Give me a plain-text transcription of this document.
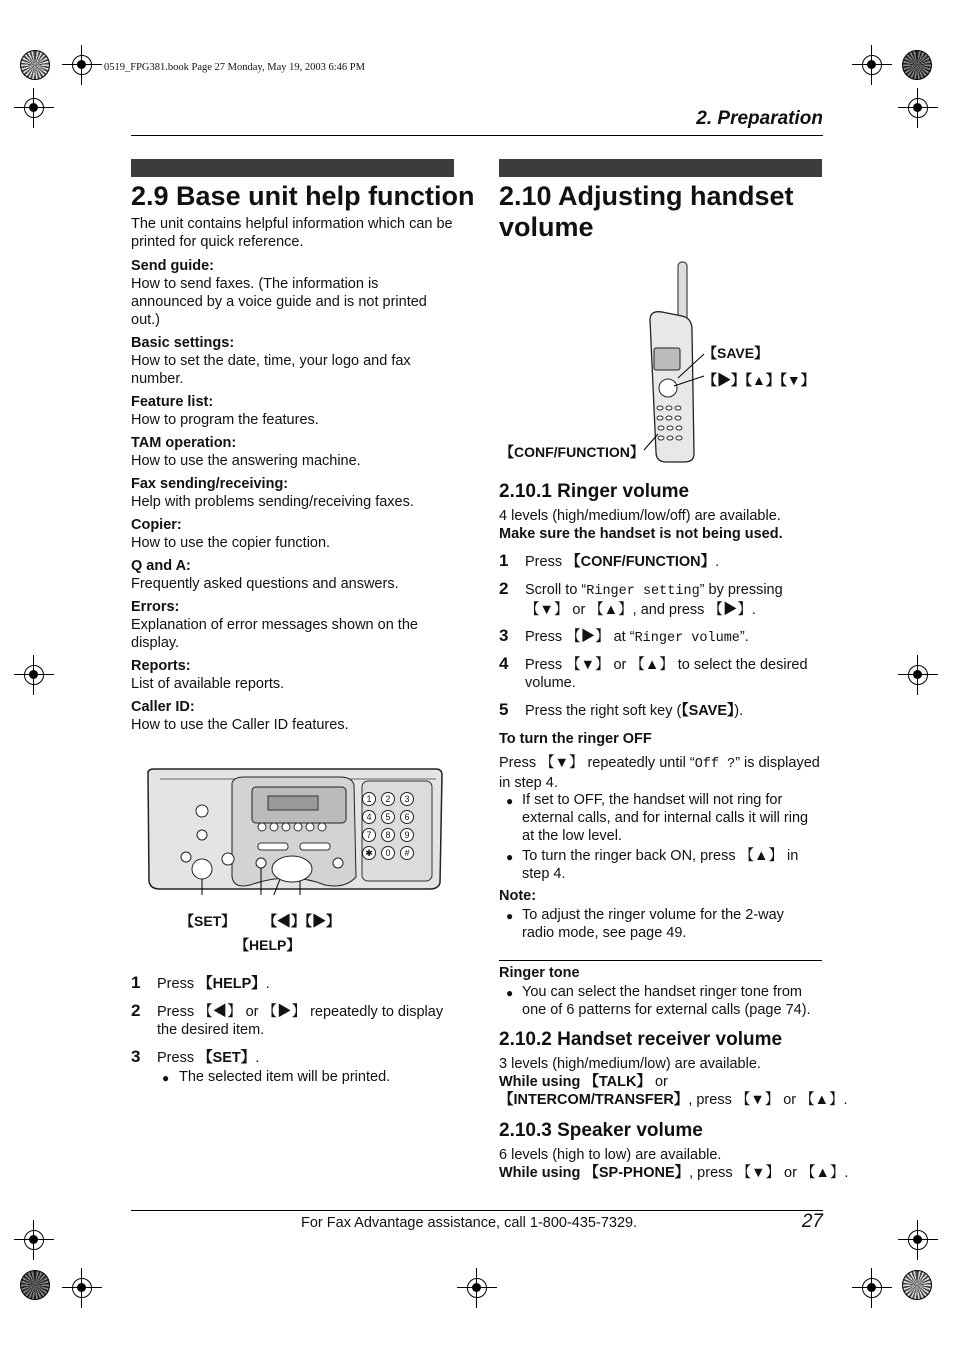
0519_FPG381.book Page 27 Monday, May 19, 2003 6:46 PM
2. Preparation
2.9 Base unit help function
The unit contains helpful information which can be printed for quick reference.
Send guide:
How to send faxes. (The information is announced by a voice guide and is not printed out.)
Basic settings:
How to set the date, time, your logo and fax number.
Feature list:
How to program the features.
TAM operation:
How to use the answering machine.
Fax sending/receiving:
Help with problems sending/receiving faxes.
Copier:
How to use the copier function.
Q and A:
Frequently asked questions and answers.
Errors:
Explanation of error messages shown on the display.
Reports:
List of available reports.
Caller ID:
How to use the Caller ID features.
1 2 3
4 5 6
7 8 9
✱ 0 #
【SET】 【◀】【▶】
【HELP】
1 Press 【HELP】.
2 Press 【◀】 or 【▶】 repeatedly to display the desired item.
3 Press 【SET】.
● The selected item will be printed.
2.10 Adjusting handset
volume
【SAVE】
【▶】【▲】【▼】
【CONF/FUNCTION】
2.10.1 Ringer volume
4 levels (high/medium/low/off) are available.
Make sure the handset is not being used.
1 Press 【CONF/FUNCTION】.
2 Scroll to “Ringer setting” by pressing
【▼】 or 【▲】, and press 【▶】.
3 Press 【▶】 at “Ringer volume”.
4 Press 【▼】 or 【▲】 to select the desired
volume.
5 Press the right soft key (【SAVE】).
To turn the ringer OFF
Press 【▼】 repeatedly until “Off ?” is displayed
in step 4.
● If set to OFF, the handset will not ring for external calls, and for internal calls it will ring at the low level.
● To turn the ringer back ON, press 【▲】 in step 4.
Note:
● To adjust the ringer volume for the 2-way radio mode, see page 49.
Ringer tone
● You can select the handset ringer tone from one of 6 patterns for external calls (page 74).
2.10.2 Handset receiver volume
3 levels (high/medium/low) are available.
While using 【TALK】 or
【INTERCOM/TRANSFER】, press 【▼】 or 【▲】.
2.10.3 Speaker volume
6 levels (high to low) are available.
While using 【SP-PHONE】, press 【▼】 or 【▲】.
For Fax Advantage assistance, call 1-800-435-7329.	27
